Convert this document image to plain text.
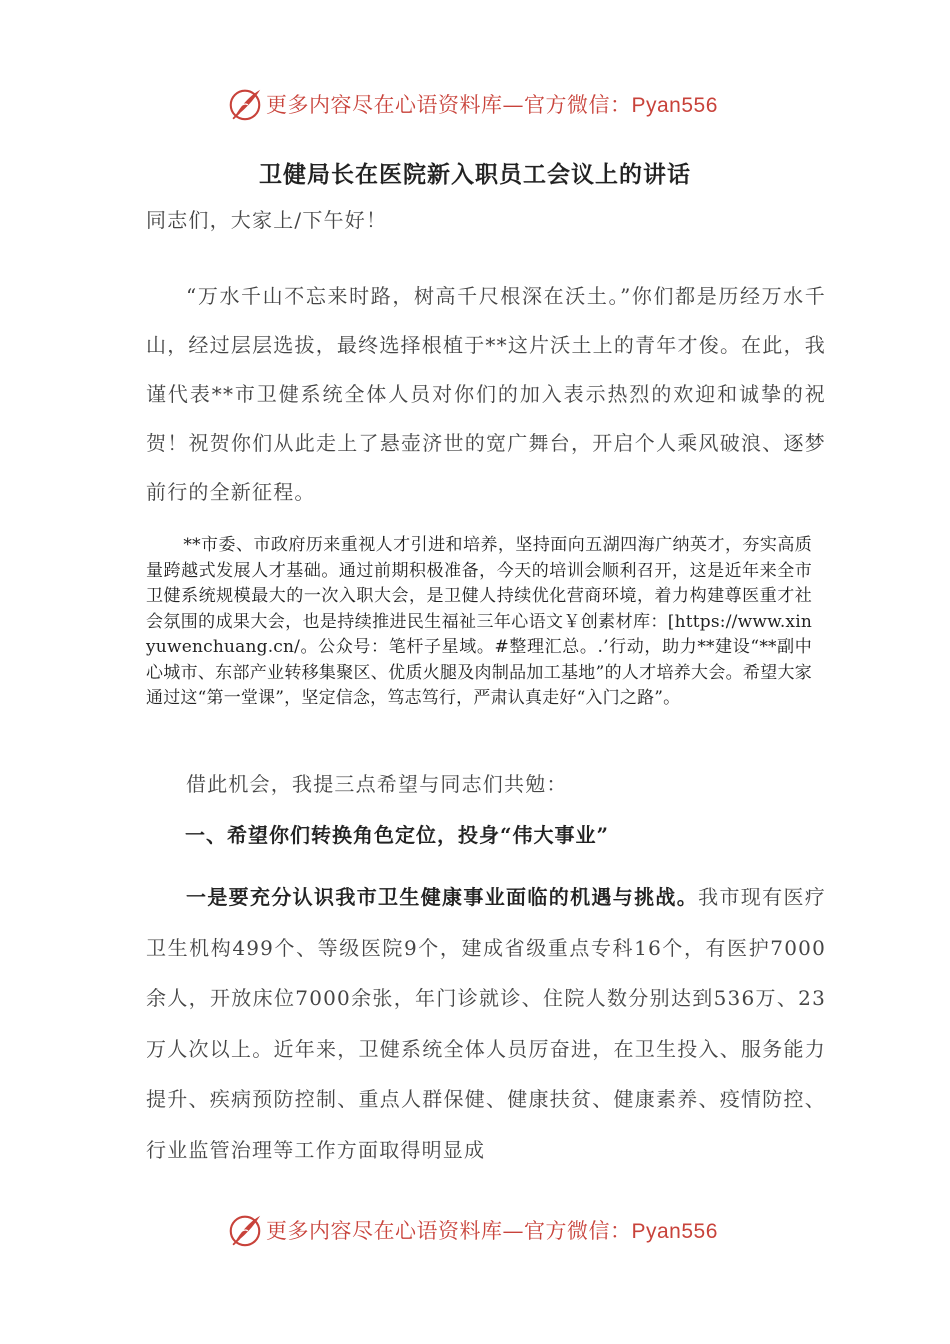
更多内容尽在心语资料库—官方微信：Pyan556
卫健局长在医院新入职员工会议上的讲话
同志们，大家上/下午好！
“万水千山不忘来时路，树高千尺根深在沃土。”你们都是历经万水千山，经过层层选拔，最终选择根植于**这片沃土上的青年才俊。在此，我谨代表**市卫健系统全体人员对你们的加入表示热烈的欢迎和诚挚的祝贺！祝贺你们从此走上了悬壶济世的宽广舞台，开启个人乘风破浪、逐梦前行的全新征程。
**市委、市政府历来重视人才引进和培养，坚持面向五湖四海广纳英才，夯实高质量跨越式发展人才基础。通过前期积极准备，今天的培训会顺利召开，这是近年来全市卫健系统规模最大的一次入职大会，是卫健人持续优化营商环境，着力构建尊医重才社会氛围的成果大会，也是持续推进民生福祉三年心语文￥创素材库：[https://www.xinyuwenchuang.cn/。公众号：笔杆子星域。#整理汇总。.’行动，助力**建设“**副中心城市、东部产业转移集聚区、优质火腿及肉制品加工基地”的人才培养大会。希望大家通过这“第一堂课”，坚定信念，笃志笃行，严肃认真走好“入门之路”。
借此机会，我提三点希望与同志们共勉：
一、希望你们转换角色定位，投身“伟大事业”
一是要充分认识我市卫生健康事业面临的机遇与挑战。我市现有医疗卫生机构499个、等级医院9个，建成省级重点专科16个，有医护7000余人，开放床位7000余张，年门诊就诊、住院人数分别达到536万、23万人次以上。近年来，卫健系统全体人员厉奋进，在卫生投入、服务能力提升、疾病预防控制、重点人群保健、健康扶贫、健康素养、疫情防控、行业监管治理等工作方面取得明显成
更多内容尽在心语资料库—官方微信：Pyan556
